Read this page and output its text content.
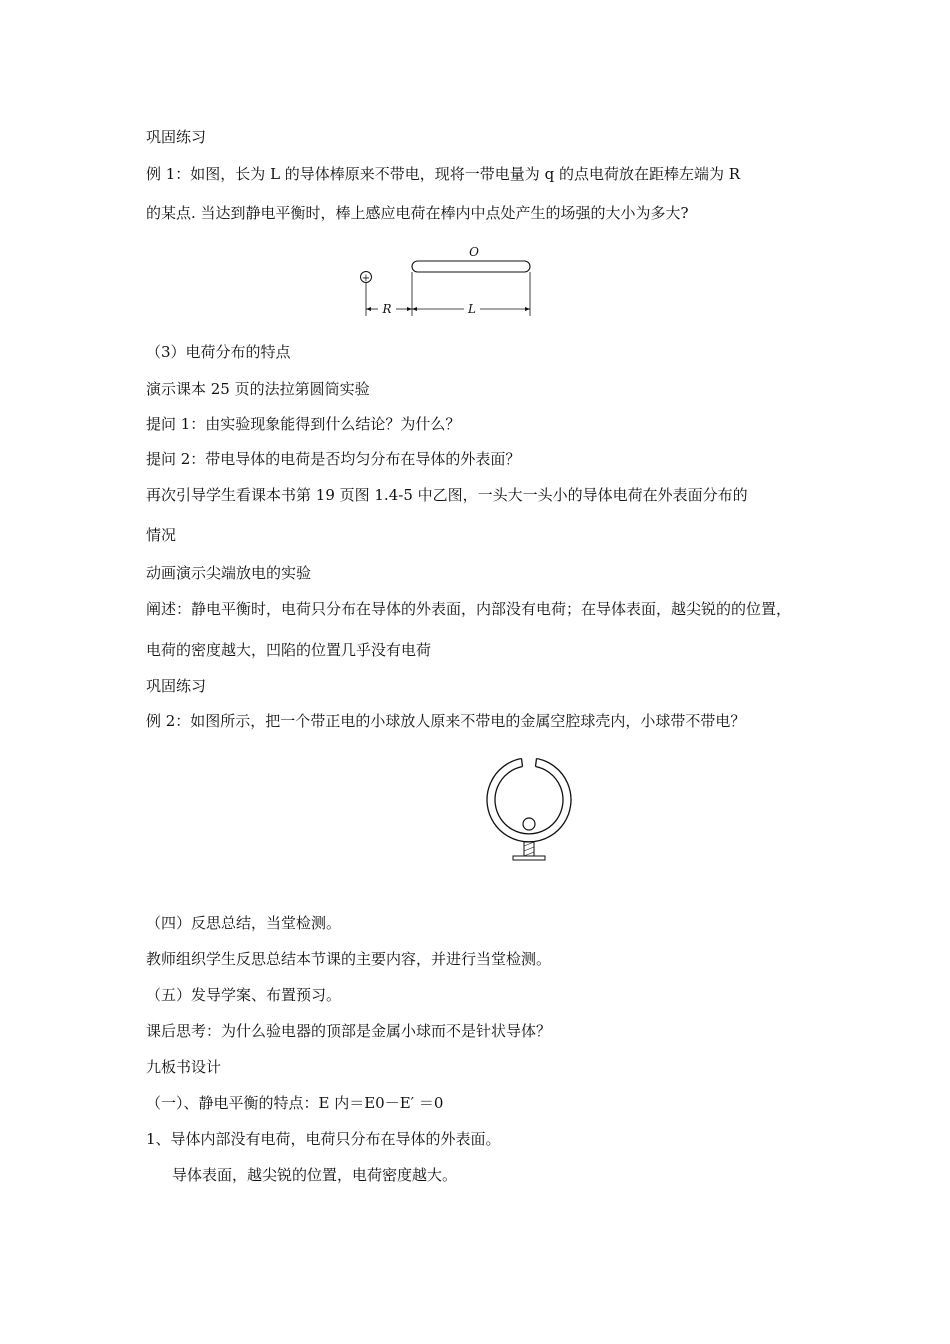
巩固练习
例 1：如图，长为 L 的导体棒原来不带电，现将一带电量为 q 的点电荷放在距棒左端为 R
的某点. 当达到静电平衡时，棒上感应电荷在棒内中点处产生的场强的大小为多大?
+
O
R	L
（3）电荷分布的特点
演示课本 25 页的法拉第圆筒实验
提问 1：由实验现象能得到什么结论？为什么？
提问 2：带电导体的电荷是否均匀分布在导体的外表面？
再次引导学生看课本书第 19 页图 1.4-5 中乙图，一头大一头小的导体电荷在外表面分布的
情况
动画演示尖端放电的实验
阐述：静电平衡时，电荷只分布在导体的外表面，内部没有电荷；在导体表面，越尖锐的的位置，
电荷的密度越大，凹陷的位置几乎没有电荷
巩固练习
例 2：如图所示，把一个带正电的小球放人原来不带电的金属空腔球壳内，小球带不带电？
（四）反思总结，当堂检测。
教师组织学生反思总结本节课的主要内容，并进行当堂检测。
（五）发导学案、布置预习。
课后思考：为什么验电器的顶部是金属小球而不是针状导体？
九板书设计
（一）、静电平衡的特点：E 内＝E0－E′ ＝0
1、导体内部没有电荷，电荷只分布在导体的外表面。
导体表面，越尖锐的位置，电荷密度越大。
